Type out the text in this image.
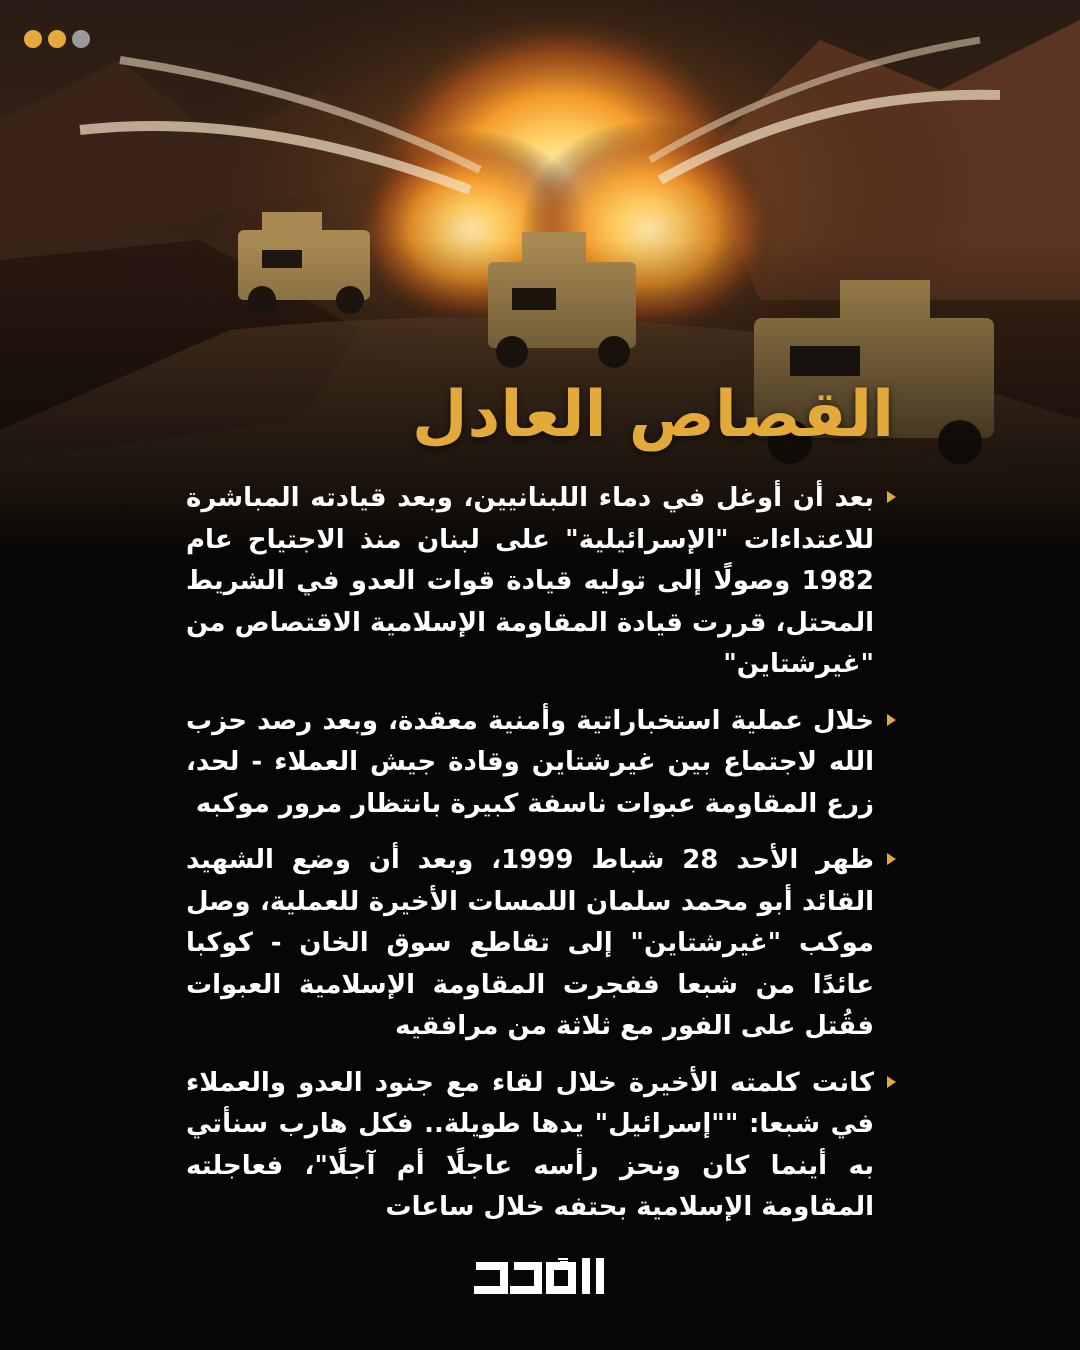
القصاص العادل

بعد أن أوغل في دماء اللبنانيين، وبعد قيادته المباشرة للاعتداءات "الإسرائيلية" على لبنان منذ الاجتياح عام 1982 وصولًا إلى توليه قيادة قوات العدو في الشريط المحتل، قررت قيادة المقاومة الإسلامية الاقتصاص من "غيرشتاين"

خلال عملية استخباراتية وأمنية معقدة، وبعد رصد حزب الله لاجتماع بين غيرشتاين وقادة جيش العملاء - لحد، زرع المقاومة عبوات ناسفة كبيرة بانتظار مرور موكبه

ظهر الأحد 28 شباط 1999، وبعد أن وضع الشهيد القائد أبو محمد سلمان اللمسات الأخيرة للعملية، وصل موكب "غيرشتاين" إلى تقاطع سوق الخان - كوكبا عائدًا من شبعا ففجرت المقاومة الإسلامية العبوات فقُتل على الفور مع ثلاثة من مرافقيه

كانت كلمته الأخيرة خلال لقاء مع جنود العدو والعملاء في شبعا: ""إسرائيل" يدها طويلة.. فكل هارب سنأتي به أينما كان ونحز رأسه عاجلًا أم آجلًا"، فعاجلته المقاومة الإسلامية بحتفه خلال ساعات
